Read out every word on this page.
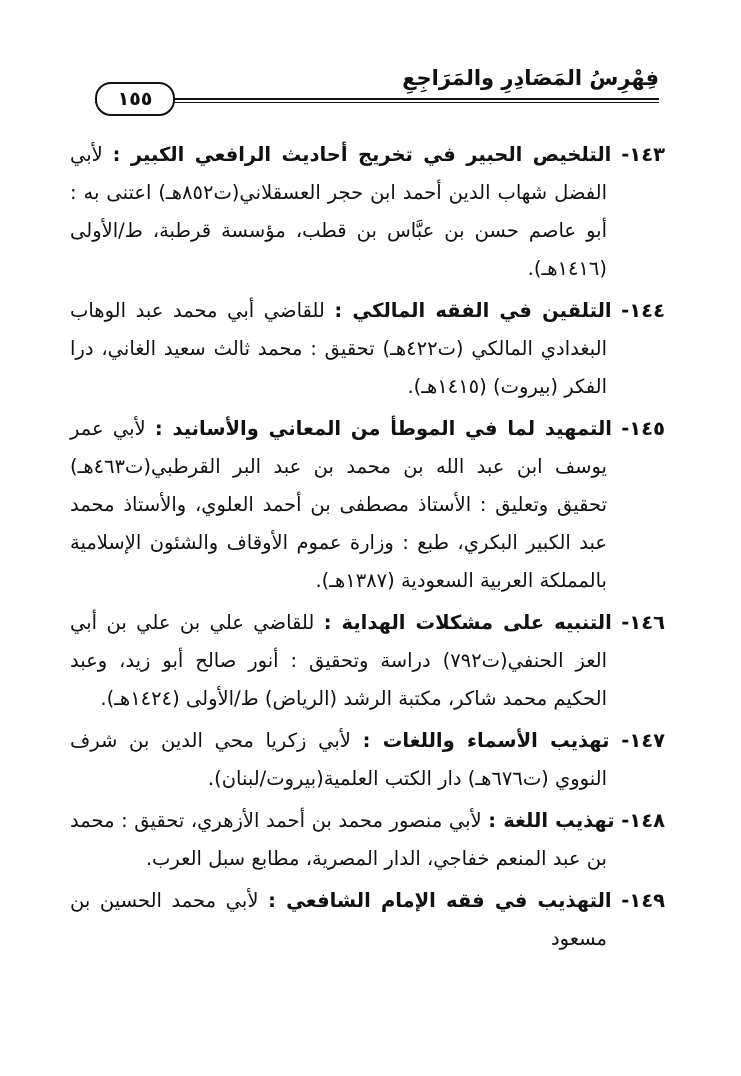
فِهْرِسُ المَصَادِرِ والمَرَاجِعِ
١٥٥

١٤٣- التلخيص الحبير في تخريج أحاديث الرافعي الكبير : لأبي الفضل شهاب الدين أحمد ابن حجر العسقلاني(ت٨٥٢هـ) اعتنى به : أبو عاصم حسن بن عبَّاس بن قطب، مؤسسة قرطبة، ط/الأولى (١٤١٦هـ).

١٤٤- التلقين في الفقه المالكي : للقاضي أبي محمد عبد الوهاب البغدادي المالكي (ت٤٢٢هـ) تحقيق : محمد ثالث سعيد الغاني، درا الفكر (بيروت) (١٤١٥هـ).

١٤٥- التمهيد لما في الموطأ من المعاني والأسانيد : لأبي عمر يوسف ابن عبد الله بن محمد بن عبد البر القرطبي(ت٤٦٣هـ) تحقيق وتعليق : الأستاذ مصطفى بن أحمد العلوي، والأستاذ محمد عبد الكبير البكري، طبع : وزارة عموم الأوقاف والشئون الإسلامية بالمملكة العربية السعودية (١٣٨٧هـ).

١٤٦- التنبيه على مشكلات الهداية : للقاضي علي بن علي بن أبي العز الحنفي(ت٧٩٢) دراسة وتحقيق : أنور صالح أبو زيد، وعبد الحكيم محمد شاكر، مكتبة الرشد (الرياض) ط/الأولى (١٤٢٤هـ).

١٤٧- تهذيب الأسماء واللغات : لأبي زكريا محي الدين بن شرف النووي (ت٦٧٦هـ) دار الكتب العلمية(بيروت/لبنان).

١٤٨- تهذيب اللغة : لأبي منصور محمد بن أحمد الأزهري، تحقيق : محمد بن عبد المنعم خفاجي، الدار المصرية، مطابع سبل العرب.

١٤٩- التهذيب في فقه الإمام الشافعي : لأبي محمد الحسين بن مسعود
